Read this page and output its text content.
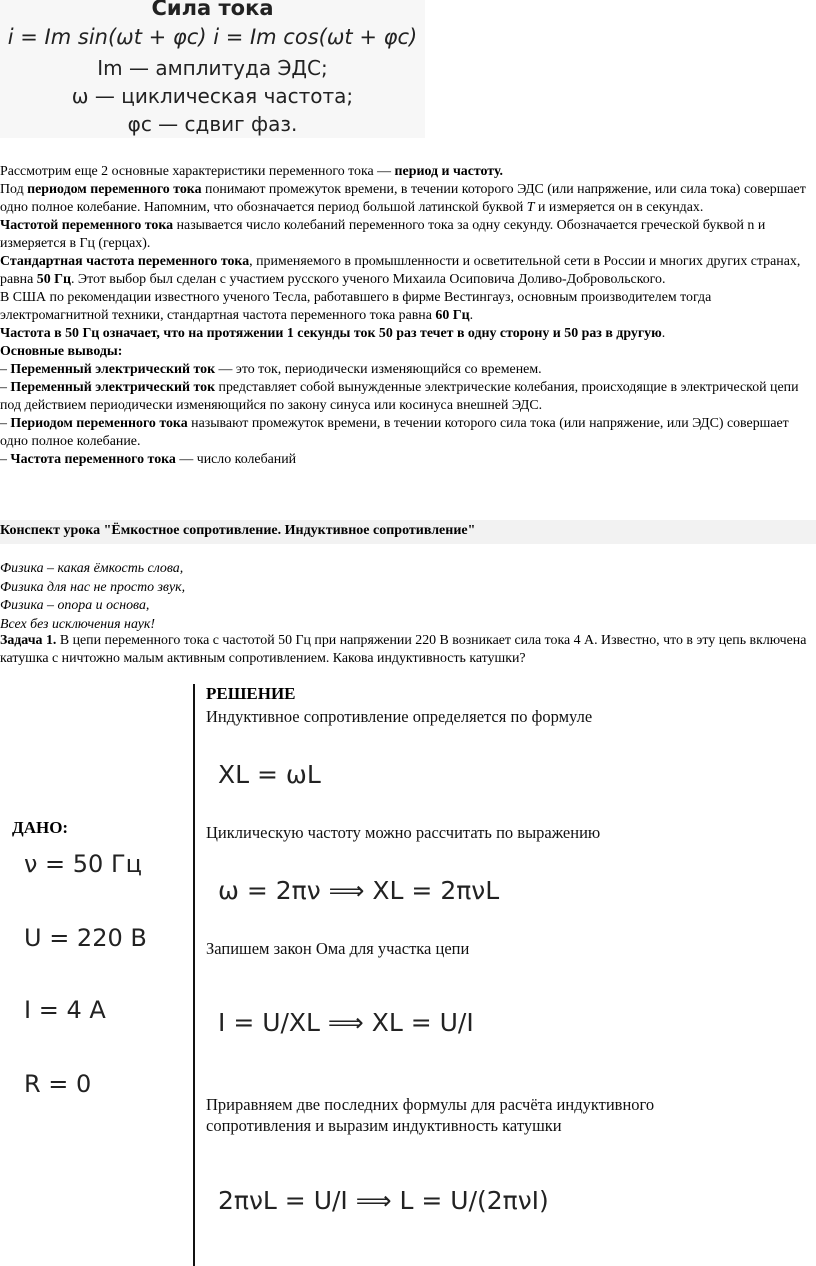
Сила тока
i = Im sin(ωt + φc) i = Im cos(ωt + φc)
Im — амплитуда ЭДС;
ω — циклическая частота;
φc — сдвиг фаз.

Рассмотрим еще 2 основные характеристики переменного тока — период и частоту.

Под периодом переменного тока понимают промежуток времени, в течении которого ЭДС (или напряжение, или сила тока) совершает одно полное колебание. Напомним, что обозначается период большой латинской буквой T и измеряется он в секундах.

Частотой переменного тока называется число колебаний переменного тока за одну секунду. Обозначается греческой буквой n и измеряется в Гц (герцах).

Стандартная частота переменного тока, применяемого в промышленности и осветительной сети в России и многих других странах, равна 50 Гц. Этот выбор был сделан с участием русского ученого Михаила Осиповича Доливо-Добровольского.

В США по рекомендации известного ученого Тесла, работавшего в фирме Вестингауз, основным производителем тогда электромагнитной техники, стандартная частота переменного тока равна 60 Гц.

Частота в 50 Гц означает, что на протяжении 1 секунды ток 50 раз течет в одну сторону и 50 раз в другую.

Основные выводы:

– Переменный электрический ток — это ток, периодически изменяющийся со временем.

– Переменный электрический ток представляет собой вынужденные электрические колебания, происходящие в электрической цепи под действием периодически изменяющийся по закону синуса или косинуса внешней ЭДС.

– Периодом переменного тока называют промежуток времени, в течении которого сила тока (или напряжение, или ЭДС) совершает одно полное колебание.

– Частота переменного тока — число колебаний

Конспект урока "Ёмкостное сопротивление. Индуктивное сопротивление"
Физика – какая ёмкость слова,
Физика для нас не просто звук,
Физика – опора и основа,
Всех без исключения наук!
Задача 1. В цепи переменного тока с частотой 50 Гц при напряжении 220 В возникает сила тока 4 А. Известно, что в эту цепь включена катушка с ничтожно малым активным сопротивлением. Какова индуктивность катушки?
ДАНО:
ν = 50 Гц
U = 220 В
I = 4 А
R = 0
РЕШЕНИЕ
Индуктивное сопротивление определяется по формуле
XL = ωL
Циклическую частоту можно рассчитать по выражению
ω = 2πν ⟹ XL = 2πνL
Запишем закон Ома для участка цепи
I = U/XL ⟹ XL = U/I
Приравняем две последних формулы для расчёта индуктивного сопротивления и выразим индуктивность катушки
2πνL = U/I ⟹ L = U/(2πνI)
